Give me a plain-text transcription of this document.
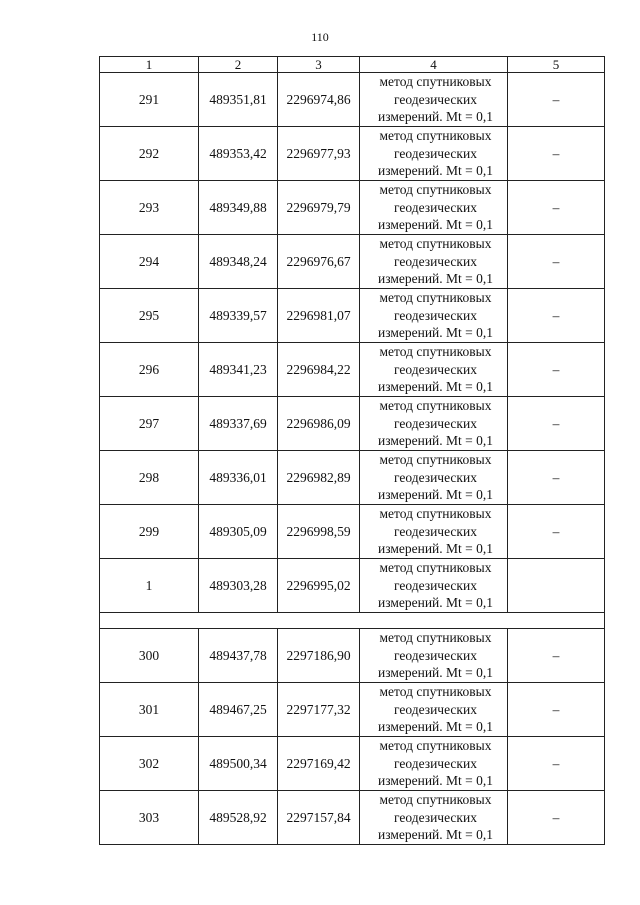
110
1	2	3	4	5
291	489351,81	2296974,86	метод спутниковых
геодезических
измерений. Mt = 0,1	–
292	489353,42	2296977,93	метод спутниковых
геодезических
измерений. Mt = 0,1	–
293	489349,88	2296979,79	метод спутниковых
геодезических
измерений. Mt = 0,1	–
294	489348,24	2296976,67	метод спутниковых
геодезических
измерений. Mt = 0,1	–
295	489339,57	2296981,07	метод спутниковых
геодезических
измерений. Mt = 0,1	–
296	489341,23	2296984,22	метод спутниковых
геодезических
измерений. Mt = 0,1	–
297	489337,69	2296986,09	метод спутниковых
геодезических
измерений. Mt = 0,1	–
298	489336,01	2296982,89	метод спутниковых
геодезических
измерений. Mt = 0,1	–
299	489305,09	2296998,59	метод спутниковых
геодезических
измерений. Mt = 0,1	–
1	489303,28	2296995,02	метод спутниковых
геодезических
измерений. Mt = 0,1	

300	489437,78	2297186,90	метод спутниковых
геодезических
измерений. Mt = 0,1	–
301	489467,25	2297177,32	метод спутниковых
геодезических
измерений. Mt = 0,1	–
302	489500,34	2297169,42	метод спутниковых
геодезических
измерений. Mt = 0,1	–
303	489528,92	2297157,84	метод спутниковых
геодезических
измерений. Mt = 0,1	–
